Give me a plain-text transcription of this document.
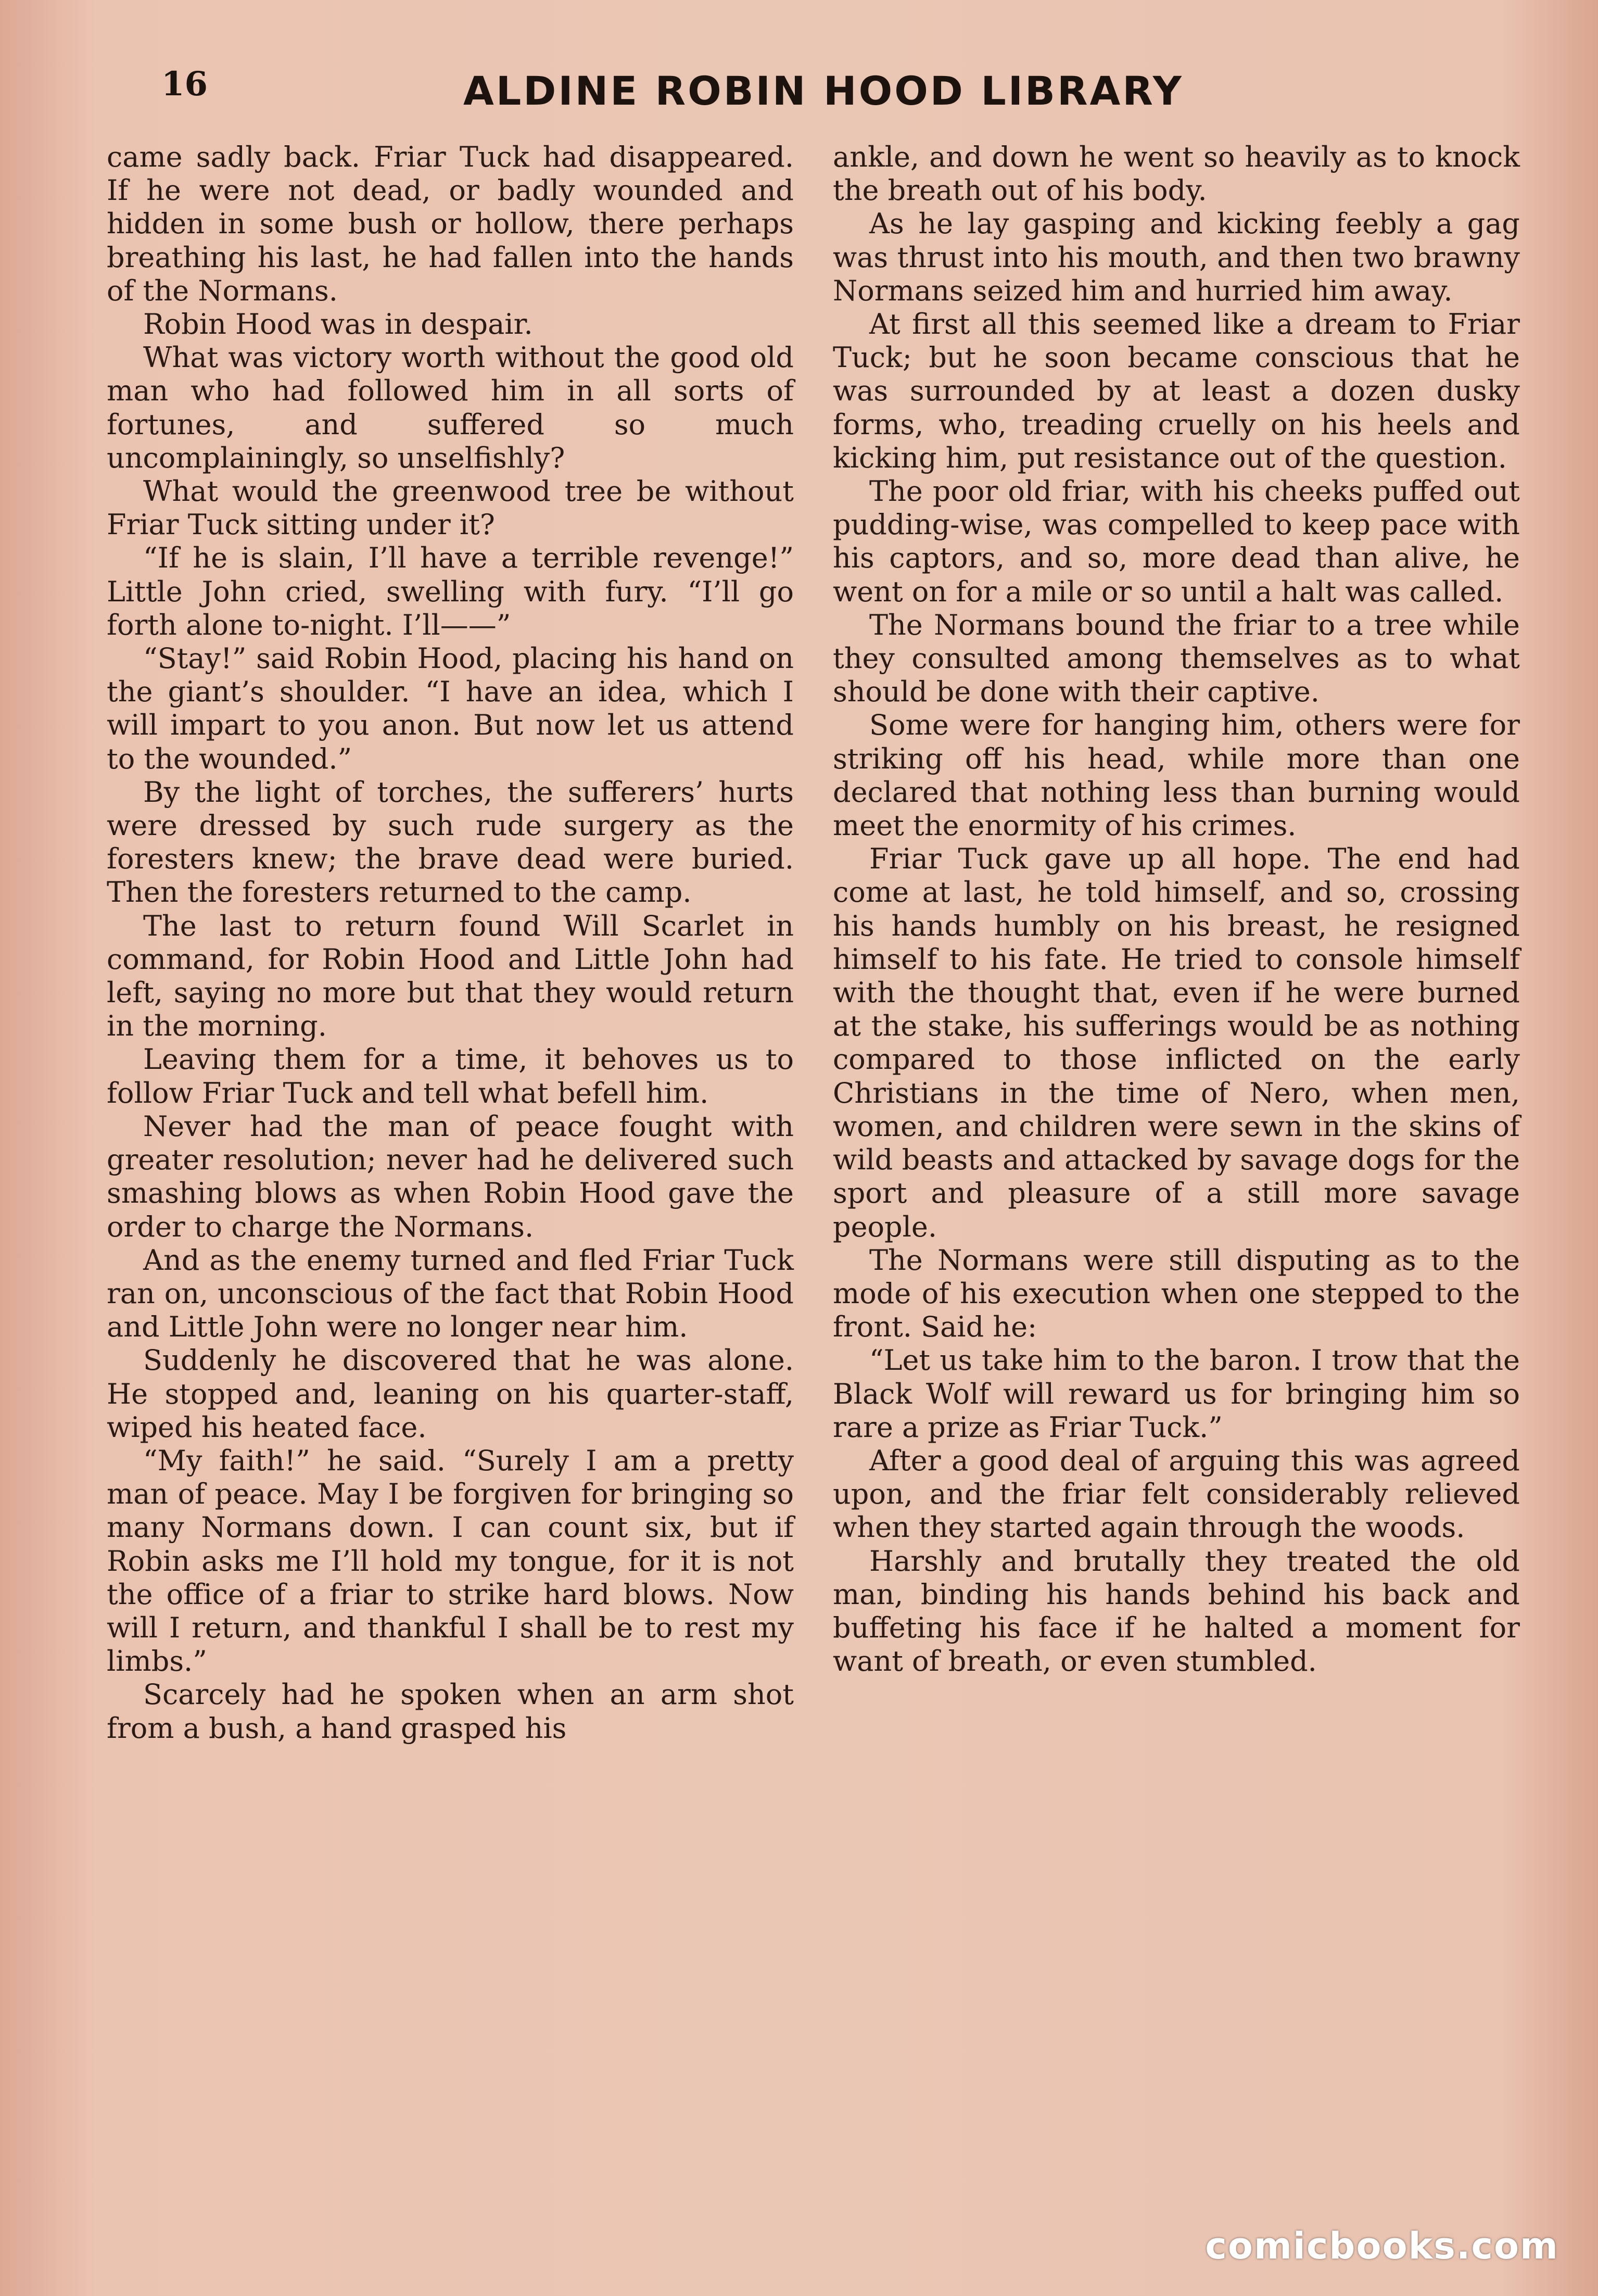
16	ALDINE ROBIN HOOD LIBRARY

came sadly back. Friar Tuck had disappeared. If he were not dead, or badly wounded and hidden in some bush or hollow, there perhaps breathing his last, he had fallen into the hands of the Normans.

Robin Hood was in despair.

What was victory worth without the good old man who had followed him in all sorts of fortunes, and suffered so much uncomplainingly, so unselfishly?

What would the greenwood tree be without Friar Tuck sitting under it?

“If he is slain, I’ll have a terrible revenge!” Little John cried, swelling with fury. “I’ll go forth alone to-night. I’ll——”

“Stay!” said Robin Hood, placing his hand on the giant’s shoulder. “I have an idea, which I will impart to you anon. But now let us attend to the wounded.”

By the light of torches, the sufferers’ hurts were dressed by such rude surgery as the foresters knew; the brave dead were buried. Then the foresters returned to the camp.

The last to return found Will Scarlet in command, for Robin Hood and Little John had left, saying no more but that they would return in the morning.

Leaving them for a time, it behoves us to follow Friar Tuck and tell what befell him.

Never had the man of peace fought with greater resolution; never had he delivered such smashing blows as when Robin Hood gave the order to charge the Normans.

And as the enemy turned and fled Friar Tuck ran on, unconscious of the fact that Robin Hood and Little John were no longer near him.

Suddenly he discovered that he was alone. He stopped and, leaning on his quarter-staff, wiped his heated face.

“My faith!” he said. “Surely I am a pretty man of peace. May I be forgiven for bringing so many Normans down. I can count six, but if Robin asks me I’ll hold my tongue, for it is not the office of a friar to strike hard blows. Now will I return, and thankful I shall be to rest my limbs.”

Scarcely had he spoken when an arm shot from a bush, a hand grasped his

ankle, and down he went so heavily as to knock the breath out of his body.

As he lay gasping and kicking feebly a gag was thrust into his mouth, and then two brawny Normans seized him and hurried him away.

At first all this seemed like a dream to Friar Tuck; but he soon became conscious that he was surrounded by at least a dozen dusky forms, who, treading cruelly on his heels and kicking him, put resistance out of the question.

The poor old friar, with his cheeks puffed out pudding-wise, was compelled to keep pace with his captors, and so, more dead than alive, he went on for a mile or so until a halt was called.

The Normans bound the friar to a tree while they consulted among themselves as to what should be done with their captive.

Some were for hanging him, others were for striking off his head, while more than one declared that nothing less than burning would meet the enormity of his crimes.

Friar Tuck gave up all hope. The end had come at last, he told himself, and so, crossing his hands humbly on his breast, he resigned himself to his fate. He tried to console himself with the thought that, even if he were burned at the stake, his sufferings would be as nothing compared to those inflicted on the early Christians in the time of Nero, when men, women, and children were sewn in the skins of wild beasts and attacked by savage dogs for the sport and pleasure of a still more savage people.

The Normans were still disputing as to the mode of his execution when one stepped to the front. Said he:

“Let us take him to the baron. I trow that the Black Wolf will reward us for bringing him so rare a prize as Friar Tuck.”

After a good deal of arguing this was agreed upon, and the friar felt considerably relieved when they started again through the woods.

Harshly and brutally they treated the old man, binding his hands behind his back and buffeting his face if he halted a moment for want of breath, or even stumbled.

comicbooks.com
